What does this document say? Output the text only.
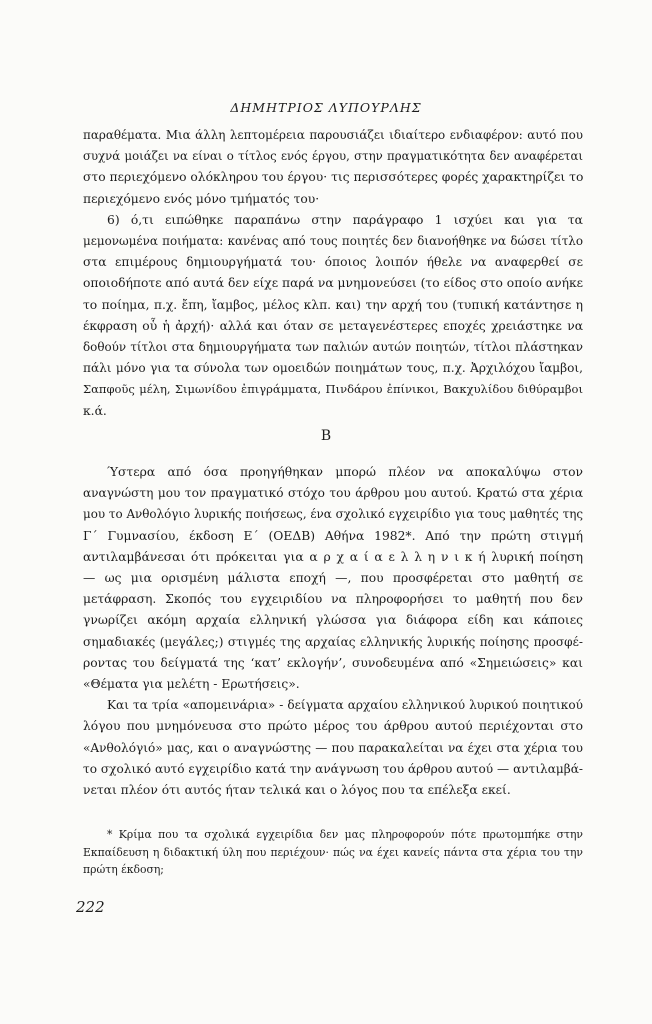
ΔΗΜΗΤΡΙΟΣ ΛΥΠΟΥΡΛΗΣ
παραθέματα. Μια άλλη λεπτομέρεια παρουσιάζει ιδιαίτερο ενδιαφέρον: αυτό που
συχνά μοιάζει να είναι ο τίτλος ενός έργου, στην πραγματικότητα δεν αναφέρεται
στο περιεχόμενο ολόκληρου του έργου· τις περισσότερες φορές χαρακτηρίζει το
περιεχόμενο ενός μόνο τμήματός του·
6) ό,τι ειπώθηκε παραπάνω στην παράγραφο 1 ισχύει και για τα
μεμονωμένα ποιήματα: κανένας από τους ποιητές δεν διανοήθηκε να δώσει τίτλο
στα επιμέρους δημιουργήματά του· όποιος λοιπόν ήθελε να αναφερθεί σε
οποιοδήποτε από αυτά δεν είχε παρά να μνημονεύσει (το είδος στο οποίο ανήκε
το ποίημα, π.χ. ἔπη, ἴαμβος, μέλος κλπ. και) την αρχή του (τυπική κατάντησε η
έκφραση οὗ ἡ ἀρχή)· αλλά και όταν σε μεταγενέστερες εποχές χρειάστηκε να
δοθούν τίτλοι στα δημιουργήματα των παλιών αυτών ποιητών, τίτλοι πλάστηκαν
πάλι μόνο για τα σύνολα των ομοειδών ποιημάτων τους, π.χ. Ἀρχιλόχου ἴαμβοι,
Σαπφοῦς μέλη, Σιμωνίδου ἐπιγράμματα, Πινδάρου ἐπίνικοι, Βακχυλίδου διθύραμβοι
κ.ά.
Β
Ύστερα από όσα προηγήθηκαν μπορώ πλέον να αποκαλύψω στον
αναγνώστη μου τον πραγματικό στόχο του άρθρου μου αυτού. Κρατώ στα χέρια
μου το Ανθολόγιο λυρικής ποιήσεως, ένα σχολικό εγχειρίδιο για τους μαθητές της
Γ΄ Γυμνασίου, έκδοση Ε΄ (ΟΕΔΒ) Αθήνα 1982*. Από την πρώτη στιγμή
αντιλαμβάνεσαι ότι πρόκειται για α ρ χ α ί α ε λ λ η ν ι κ ή λυρική ποίηση
— ως μια ορισμένη μάλιστα εποχή —, που προσφέρεται στο μαθητή σε
μετάφραση. Σκοπός του εγχειριδίου να πληροφορήσει το μαθητή που δεν
γνωρίζει ακόμη αρχαία ελληνική γλώσσα για διάφορα είδη και κάποιες
σημαδιακές (μεγάλες;) στιγμές της αρχαίας ελληνικής λυρικής ποίησης προσφέ-
ροντας του δείγματά της ‘κατ’ εκλογήν’, συνοδευμένα από «Σημειώσεις» και
«Θέματα για μελέτη - Ερωτήσεις».
Και τα τρία «απομεινάρια» - δείγματα αρχαίου ελληνικού λυρικού ποιητικού
λόγου που μνημόνευσα στο πρώτο μέρος του άρθρου αυτού περιέχονται στο
«Ανθολόγιό» μας, και ο αναγνώστης — που παρακαλείται να έχει στα χέρια του
το σχολικό αυτό εγχειρίδιο κατά την ανάγνωση του άρθρου αυτού — αντιλαμβά-
νεται πλέον ότι αυτός ήταν τελικά και ο λόγος που τα επέλεξα εκεί.
* Κρίμα που τα σχολικά εγχειρίδια δεν μας πληροφορούν πότε πρωτομπήκε στην
Εκπαίδευση η διδακτική ύλη που περιέχουν· πώς να έχει κανείς πάντα στα χέρια του την
πρώτη έκδοση;
222
